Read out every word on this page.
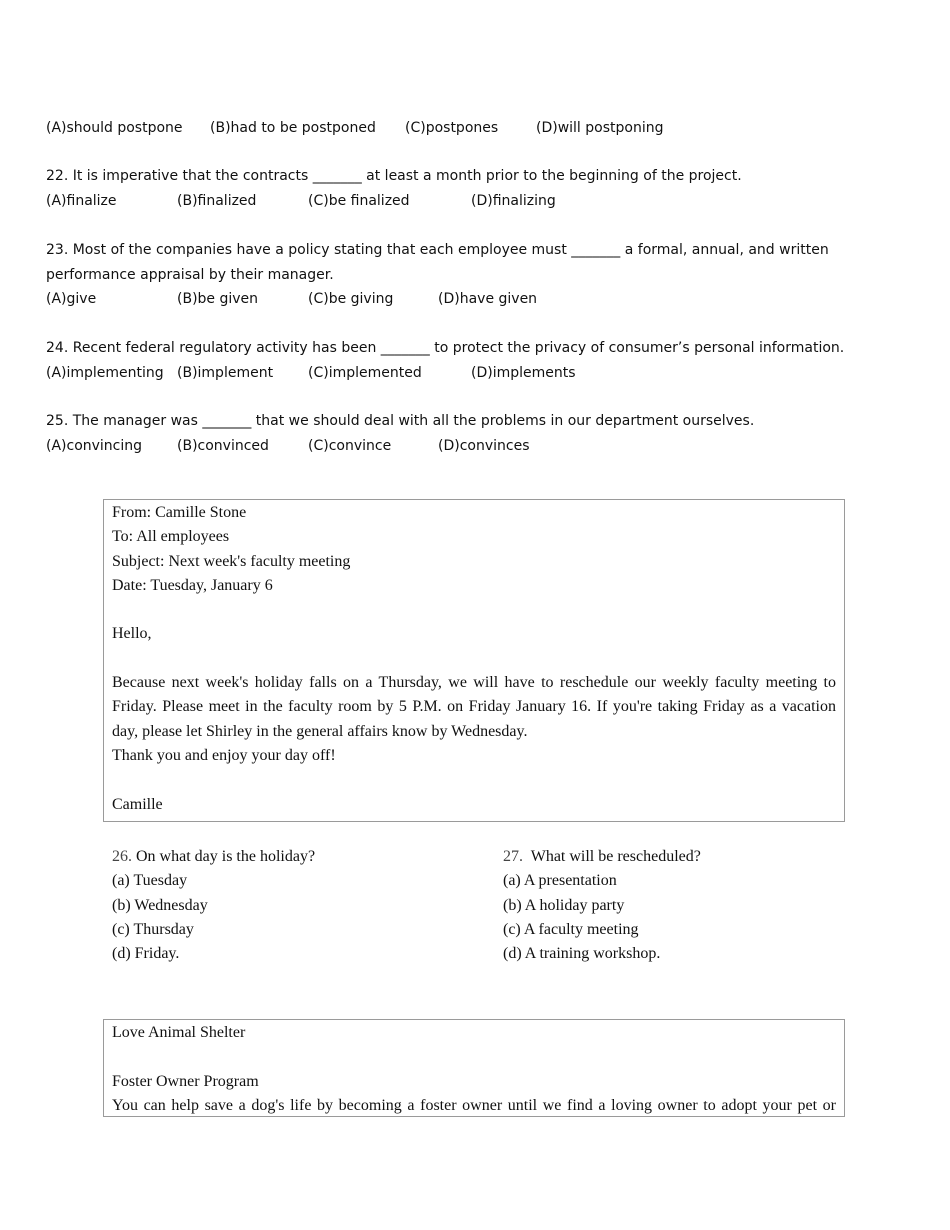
(A)should postpone (B)had to be postponed (C)postpones	(D)will postponing
22. It is imperative that the contracts _______ at least a month prior to the beginning of the project.
(A)finalize	(B)finalized	(C)be finalized	(D)finalizing
23. Most of the companies have a policy stating that each employee must _______ a formal, annual, and written performance appraisal by their manager.
(A)give	(B)be given	(C)be giving	(D)have given
24. Recent federal regulatory activity has been _______ to protect the privacy of consumer’s personal information.
(A)implementing (B)implement (C)implemented	(D)implements
25. The manager was _______ that we should deal with all the problems in our department ourselves.
(A)convincing (B)convinced	(C)convince	(D)convinces

From: Camille Stone

To: All employees

Subject: Next week's faculty meeting

Date: Tuesday, January 6

Hello,

Because next week's holiday falls on a Thursday, we will have to reschedule our weekly faculty meeting to Friday. Please meet in the faculty room by 5 P.M. on Friday January 16. If you're taking Friday as a vacation day, please let Shirley in the general affairs know by Wednesday.

Thank you and enjoy your day off!

Camille

26. On what day is the holiday?
(a) Tuesday
(b) Wednesday
(c) Thursday
(d) Friday.
27.  What will be rescheduled?
(a) A presentation
(b) A holiday party
(c) A faculty meeting
(d) A training workshop.

Love Animal Shelter

Foster Owner Program

You can help save a dog's life by becoming a foster owner until we find a loving owner to adopt your pet or
